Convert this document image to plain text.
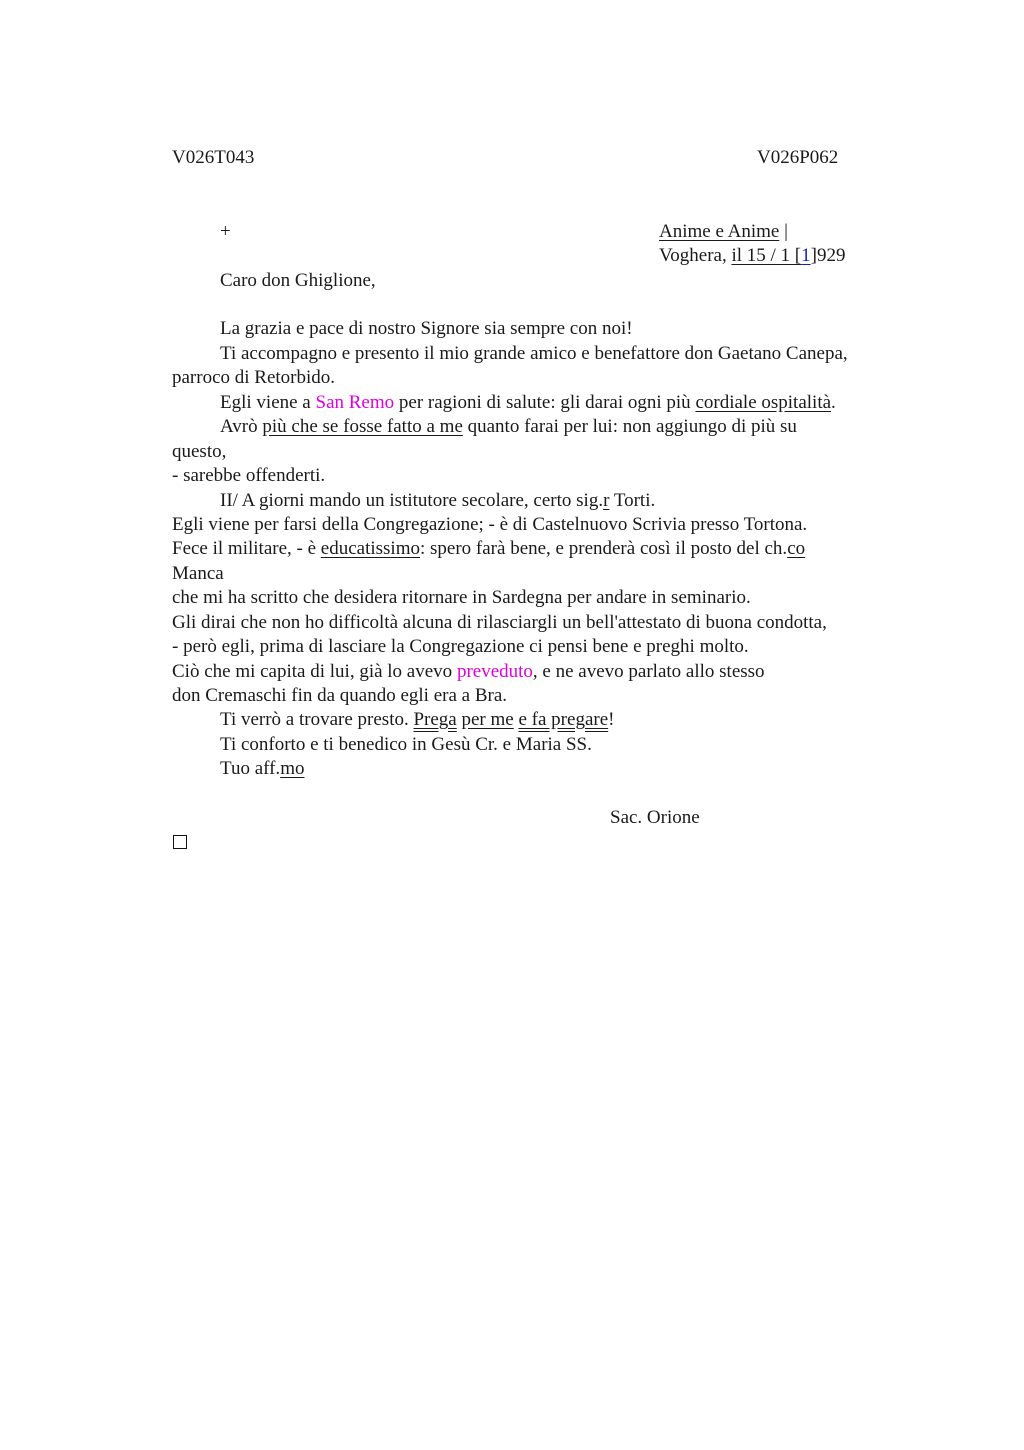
V026T043	V026P062
+	Anime e Anime |
Voghera, il 15 / 1 [1]929
Caro don Ghiglione,
La grazia e pace di nostro Signore sia sempre con noi!
Ti accompagno e presento il mio grande amico e benefattore don Gaetano Canepa,
parroco di Retorbido.
Egli viene a San Remo per ragioni di salute: gli darai ogni più cordiale ospitalità.
Avrò più che se fosse fatto a me quanto farai per lui: non aggiungo di più su
questo,
- sarebbe offenderti.
II/ A giorni mando un istitutore secolare, certo sig.r Torti.
Egli viene per farsi della Congregazione; - è di Castelnuovo Scrivia presso Tortona.
Fece il militare, - è educatissimo: spero farà bene, e prenderà così il posto del ch.co
Manca
che mi ha scritto che desidera ritornare in Sardegna per andare in seminario.
Gli dirai che non ho difficoltà alcuna di rilasciargli un bell'attestato di buona condotta,
- però egli, prima di lasciare la Congregazione ci pensi bene e preghi molto.
Ciò che mi capita di lui, già lo avevo preveduto, e ne avevo parlato allo stesso
don Cremaschi fin da quando egli era a Bra.
Ti verrò a trovare presto. Prega per me e fa pregare!
Ti conforto e ti benedico in Gesù Cr. e Maria SS.
Tuo aff.mo
Sac. Orione
